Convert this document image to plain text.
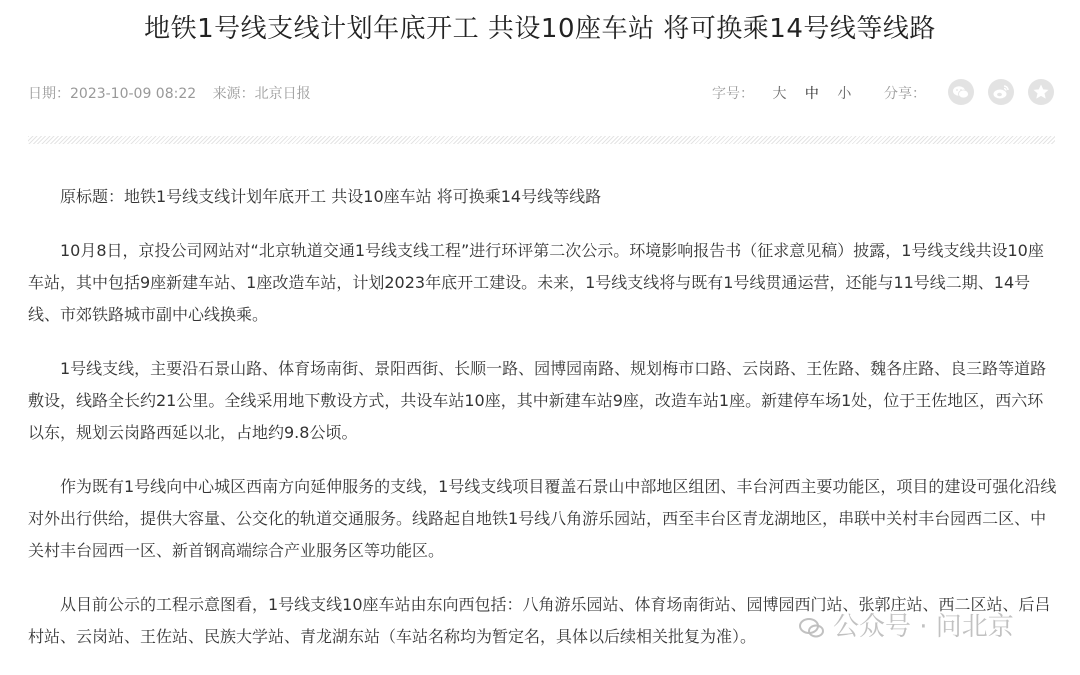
地铁1号线支线计划年底开工 共设10座车站 将可换乘14号线等线路
日期：2023-10-09 08:22 来源：北京日报	字号： 大 中 小 分享：

原标题：地铁1号线支线计划年底开工 共设10座车站 将可换乘14号线等线路

10月8日，京投公司网站对“北京轨道交通1号线支线工程”进行环评第二次公示。环境影响报告书（征求意见稿）披露，1号线支线共设10座车站，其中包括9座新建车站、1座改造车站，计划2023年底开工建设。未来，1号线支线将与既有1号线贯通运营，还能与11号线二期、14号线、市郊铁路城市副中心线换乘。

1号线支线，主要沿石景山路、体育场南街、景阳西街、长顺一路、园博园南路、规划梅市口路、云岗路、王佐路、魏各庄路、良三路等道路敷设，线路全长约21公里。全线采用地下敷设方式，共设车站10座，其中新建车站9座，改造车站1座。新建停车场1处，位于王佐地区，西六环以东，规划云岗路西延以北，占地约9.8公顷。

作为既有1号线向中心城区西南方向延伸服务的支线，1号线支线项目覆盖石景山中部地区组团、丰台河西主要功能区，项目的建设可强化沿线对外出行供给，提供大容量、公交化的轨道交通服务。线路起自地铁1号线八角游乐园站，西至丰台区青龙湖地区，串联中关村丰台园西二区、中关村丰台园西一区、新首钢高端综合产业服务区等功能区。

从目前公示的工程示意图看，1号线支线10座车站由东向西包括：八角游乐园站、体育场南街站、园博园西门站、张郭庄站、西二区站、后吕村站、云岗站、王佐站、民族大学站、青龙湖东站（车站名称均为暂定名，具体以后续相关批复为准）。	公众号 · 问北京
